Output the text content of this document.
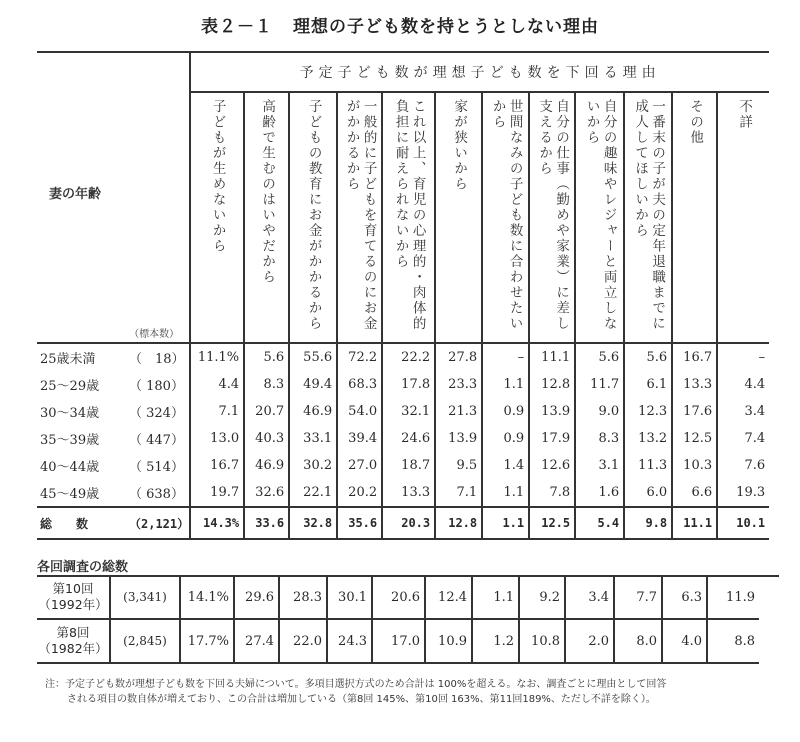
表２－１ 理想の子ども数を持とうとしない理由
妻の年齢
（標本数）		予定子ども数が理想子ども数を下回る理由											

		子どもが生めないから	高齢で生むのはいやだから	子どもの教育にお金がかかるから	一般的に子どもを育てるのにお金がかかるから	これ以上、育児の心理的・肉体的負担に耐えられないから	家が狭いから	世間なみの子ども数に合わせたいから	自分の仕事（勤めや家業）に差し支えるから	自分の趣味やレジャーと両立しないから	一番末の子が夫の定年退職までに成人してほしいから	その他	不詳

25歳未満	（　18）	11.1%	5.6	55.6	72.2	22.2	27.8	–	11.1	5.6	5.6	16.7	–
25～29歳	（ 180）	4.4	8.3	49.4	68.3	17.8	23.3	1.1	12.8	11.7	6.1	13.3	4.4
30～34歳	（ 324）	7.1	20.7	46.9	54.0	32.1	21.3	0.9	13.9	9.0	12.3	17.6	3.4
35～39歳	（ 447）	13.0	40.3	33.1	39.4	24.6	13.9	0.9	17.9	8.3	13.2	12.5	7.4
40～44歳	（ 514）	16.7	46.9	30.2	27.0	18.7	9.5	1.4	12.6	3.1	11.3	10.3	7.6
45～49歳	（ 638）	19.7	32.6	22.1	20.2	13.3	7.1	1.1	7.8	1.6	6.0	6.6	19.3
総　　数	（2,121）	14.3%	33.6	32.8	35.6	20.3	12.8	1.1	12.5	5.4	9.8	11.1	10.1
各回調査の総数
第10回
（1992年）	(3,341)	14.1%	29.6	28.3	30.1	20.6	12.4	1.1	9.2	3.4	7.7	6.3	11.9
第8回
（1982年）	(2,845)	17.7%	27.4	22.0	24.3	17.0	10.9	1.2	10.8	2.0	8.0	4.0	8.8
注：予定子ども数が理想子ども数を下回る夫婦について。多項目選択方式のため合計は 100%を超える。なお、調査ごとに理由として回答
される項目の数自体が増えており、この合計は増加している（第8回 145%、第10回 163%、第11回189%、ただし不詳を除く）。
